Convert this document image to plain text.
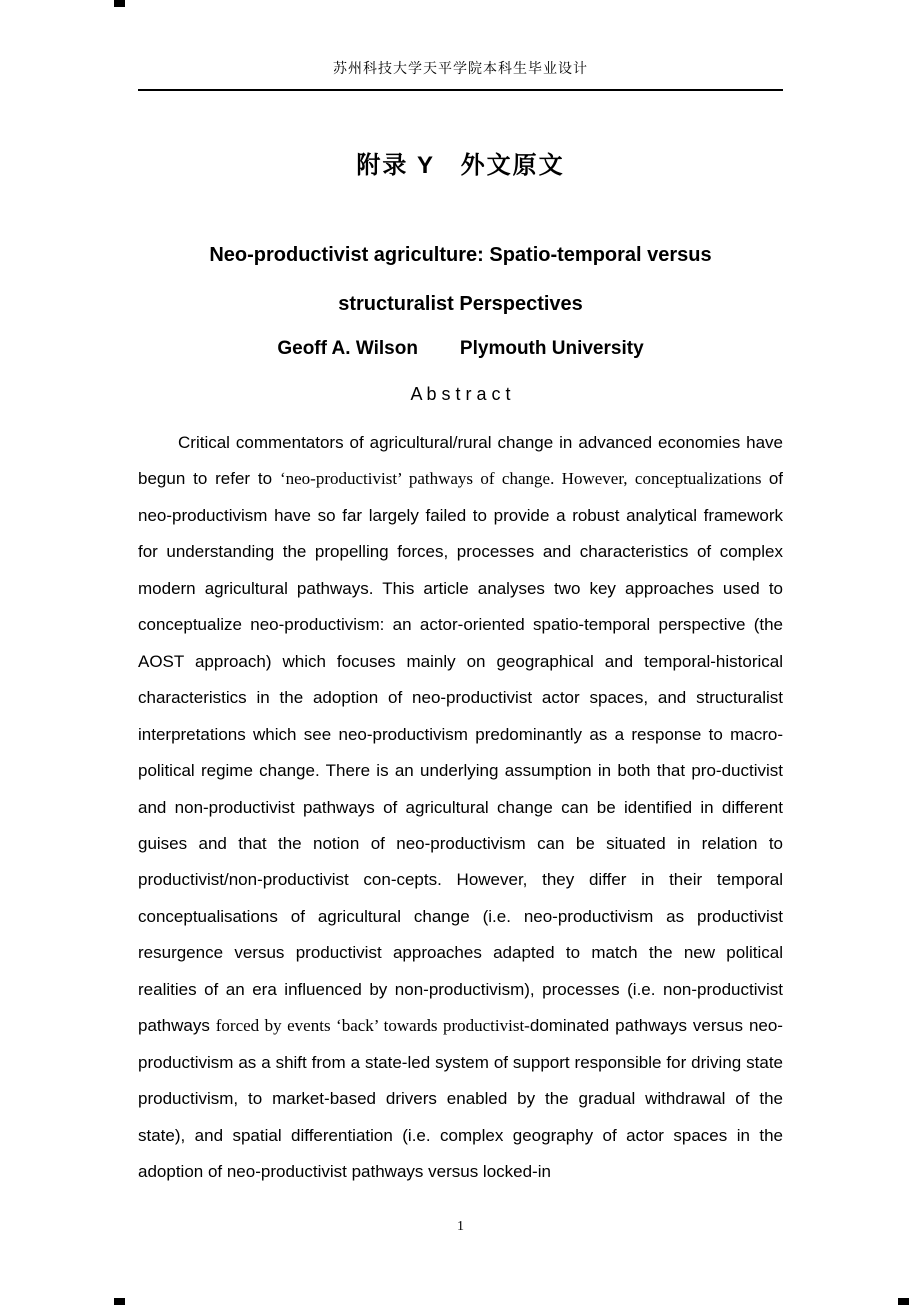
苏州科技大学天平学院本科生毕业设计
附录 Y　外文原文
Neo-productivist agriculture: Spatio-temporal versus
structuralist Perspectives
Geoff A. Wilson Plymouth University
A b s t r a c t

Critical commentators of agricultural/rural change in advanced economies have begun to refer to ‘neo-productivist’ pathways of change. However, conceptualizations of neo-productivism have so far largely failed to provide a robust analytical framework for understanding the propelling forces, processes and characteristics of complex modern agricultural pathways. This article analyses two key approaches used to conceptualize neo-productivism: an actor-oriented spatio-temporal perspective (the AOST approach) which focuses mainly on geographical and temporal-historical characteristics in the adoption of neo-productivist actor spaces, and structuralist interpretations which see neo-productivism predominantly as a response to macro-political regime change. There is an underlying assumption in both that pro-ductivist and non-productivist pathways of agricultural change can be identified in different guises and that the notion of neo-productivism can be situated in relation to productivist/non-productivist con-cepts. However, they differ in their temporal conceptualisations of agricultural change (i.e. neo-productivism as productivist resurgence versus productivist approaches adapted to match the new political realities of an era influenced by non-productivism), processes (i.e. non-productivist pathways forced by events ‘back’ towards productivist-dominated pathways versus neo-productivism as a shift from a state-led system of support responsible for driving state productivism, to market-based drivers enabled by the gradual withdrawal of the state), and spatial differentiation (i.e. complex geography of actor spaces in the adoption of neo-productivist pathways versus locked-in

1
